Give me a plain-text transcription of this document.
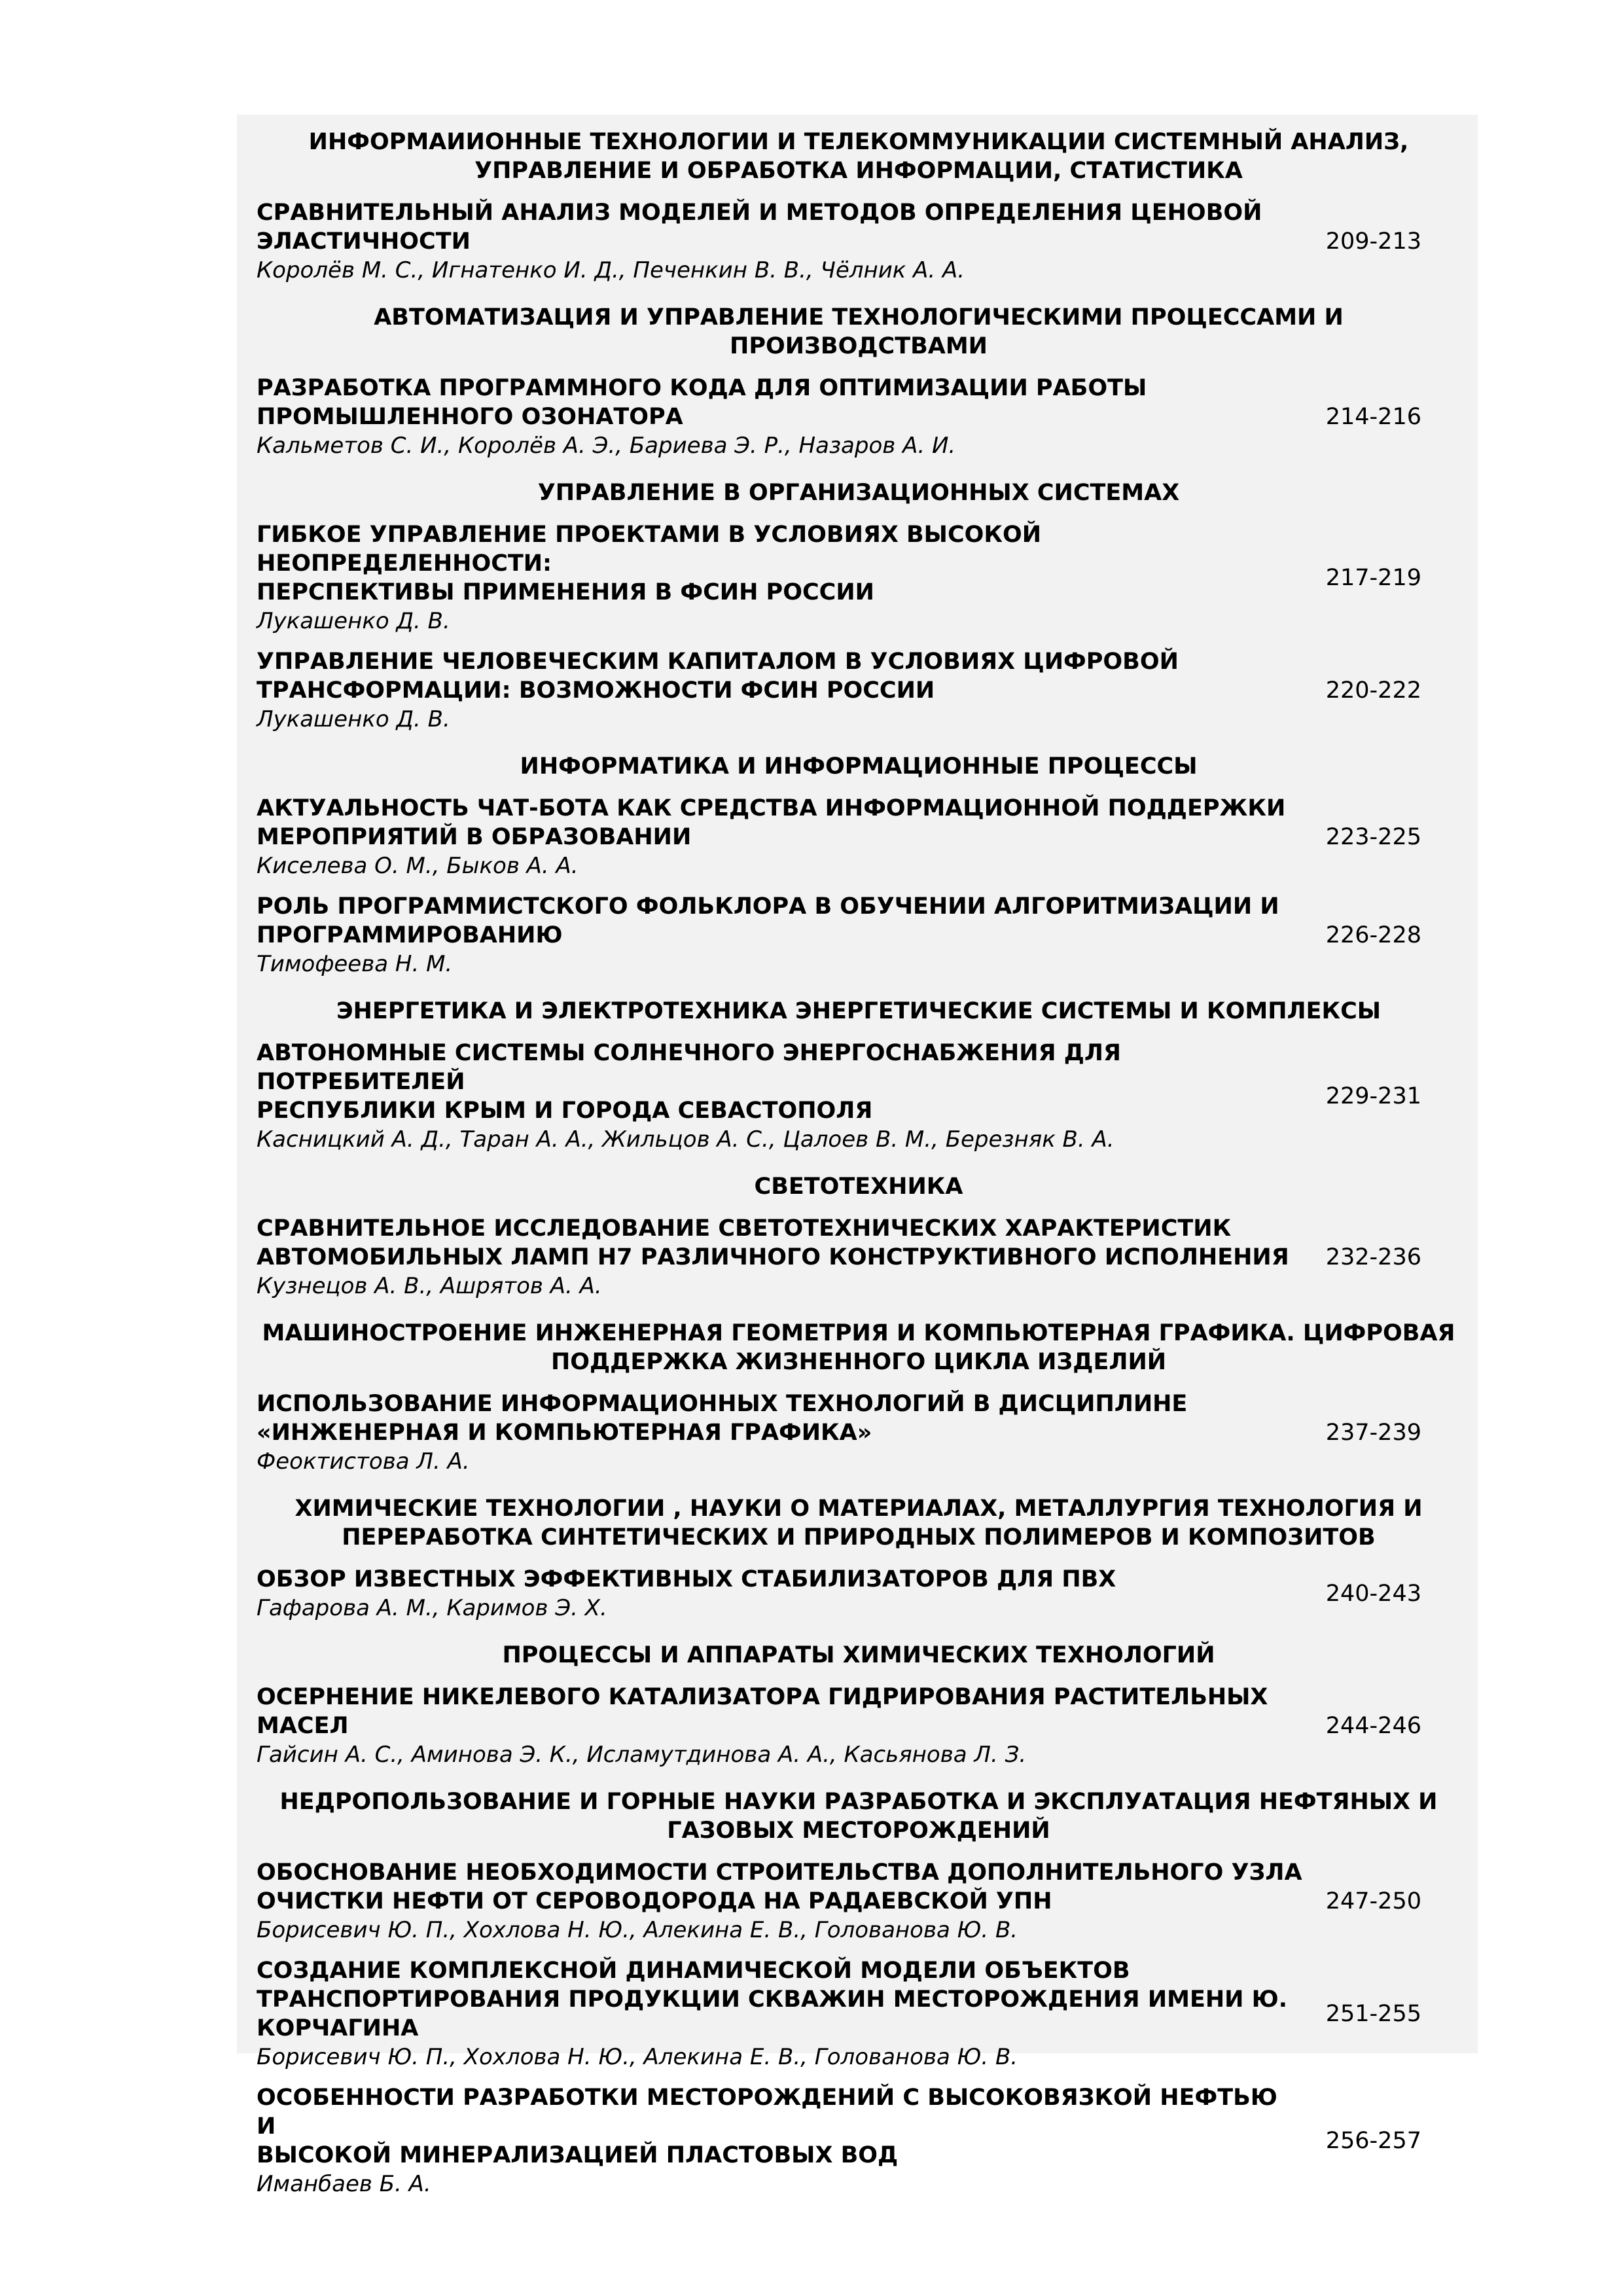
ИНФОРМАИИОННЫЕ ТЕХНОЛОГИИ И ТЕЛЕКОММУНИКАЦИИ СИСТЕМНЫЙ АНАЛИЗ,
УПРАВЛЕНИЕ И ОБРАБОТКА ИНФОРМАЦИИ, СТАТИСТИКА
СРАВНИТЕЛЬНЫЙ АНАЛИЗ МОДЕЛЕЙ И МЕТОДОВ ОПРЕДЕЛЕНИЯ ЦЕНОВОЙ
ЭЛАСТИЧНОСТИ
Королёв М. С., Игнатенко И. Д., Печенкин В. В., Чёлник А. А.
209-213
АВТОМАТИЗАЦИЯ И УПРАВЛЕНИЕ ТЕХНОЛОГИЧЕСКИМИ ПРОЦЕССАМИ И ПРОИЗВОДСТВАМИ
РАЗРАБОТКА ПРОГРАММНОГО КОДА ДЛЯ ОПТИМИЗАЦИИ РАБОТЫ
ПРОМЫШЛЕННОГО ОЗОНАТОРА
Кальметов С. И., Королёв А. Э., Бариева Э. Р., Назаров А. И.
214-216
УПРАВЛЕНИЕ В ОРГАНИЗАЦИОННЫХ СИСТЕМАХ
ГИБКОЕ УПРАВЛЕНИЕ ПРОЕКТАМИ В УСЛОВИЯХ ВЫСОКОЙ НЕОПРЕДЕЛЕННОСТИ:
ПЕРСПЕКТИВЫ ПРИМЕНЕНИЯ В ФСИН РОССИИ
Лукашенко Д. В.
217-219
УПРАВЛЕНИЕ ЧЕЛОВЕЧЕСКИМ КАПИТАЛОМ В УСЛОВИЯХ ЦИФРОВОЙ
ТРАНСФОРМАЦИИ: ВОЗМОЖНОСТИ ФСИН РОССИИ
Лукашенко Д. В.
220-222
ИНФОРМАТИКА И ИНФОРМАЦИОННЫЕ ПРОЦЕССЫ
АКТУАЛЬНОСТЬ ЧАТ-БОТА КАК СРЕДСТВА ИНФОРМАЦИОННОЙ ПОДДЕРЖКИ
МЕРОПРИЯТИЙ В ОБРАЗОВАНИИ
Киселева О. М., Быков А. А.
223-225
РОЛЬ ПРОГРАММИСТСКОГО ФОЛЬКЛОРА В ОБУЧЕНИИ АЛГОРИТМИЗАЦИИ И
ПРОГРАММИРОВАНИЮ
Тимофеева Н. М.
226-228
ЭНЕРГЕТИКА И ЭЛЕКТРОТЕХНИКА ЭНЕРГЕТИЧЕСКИЕ СИСТЕМЫ И КОМПЛЕКСЫ
АВТОНОМНЫЕ СИСТЕМЫ СОЛНЕЧНОГО ЭНЕРГОСНАБЖЕНИЯ ДЛЯ ПОТРЕБИТЕЛЕЙ
РЕСПУБЛИКИ КРЫМ И ГОРОДА СЕВАСТОПОЛЯ
Касницкий А. Д., Таран А. А., Жильцов А. С., Цалоев В. М., Березняк В. А.
229-231
СВЕТОТЕХНИКА
СРАВНИТЕЛЬНОЕ ИССЛЕДОВАНИЕ СВЕТОТЕХНИЧЕСКИХ ХАРАКТЕРИСТИК
АВТОМОБИЛЬНЫХ ЛАМП H7 РАЗЛИЧНОГО КОНСТРУКТИВНОГО ИСПОЛНЕНИЯ
Кузнецов А. В., Ашрятов А. А.
232-236
МАШИНОСТРОЕНИЕ ИНЖЕНЕРНАЯ ГЕОМЕТРИЯ И КОМПЬЮТЕРНАЯ ГРАФИКА. ЦИФРОВАЯ
ПОДДЕРЖКА ЖИЗНЕННОГО ЦИКЛА ИЗДЕЛИЙ
ИСПОЛЬЗОВАНИЕ ИНФОРМАЦИОННЫХ ТЕХНОЛОГИЙ В ДИСЦИПЛИНЕ
«ИНЖЕНЕРНАЯ И КОМПЬЮТЕРНАЯ ГРАФИКА»
Феоктистова Л. А.
237-239
ХИМИЧЕСКИЕ ТЕХНОЛОГИИ , НАУКИ О МАТЕРИАЛАХ, МЕТАЛЛУРГИЯ ТЕХНОЛОГИЯ И
ПЕРЕРАБОТКА СИНТЕТИЧЕСКИХ И ПРИРОДНЫХ ПОЛИМЕРОВ И КОМПОЗИТОВ
ОБЗОР ИЗВЕСТНЫХ ЭФФЕКТИВНЫХ СТАБИЛИЗАТОРОВ ДЛЯ ПВХ
Гафарова А. М., Каримов Э. Х.
240-243
ПРОЦЕССЫ И АППАРАТЫ ХИМИЧЕСКИХ ТЕХНОЛОГИЙ
ОСЕРНЕНИЕ НИКЕЛЕВОГО КАТАЛИЗАТОРА ГИДРИРОВАНИЯ РАСТИТЕЛЬНЫХ
МАСЕЛ
Гайсин А. С., Аминова Э. К., Исламутдинова А. А., Касьянова Л. З.
244-246
НЕДРОПОЛЬЗОВАНИЕ И ГОРНЫЕ НАУКИ РАЗРАБОТКА И ЭКСПЛУАТАЦИЯ НЕФТЯНЫХ И
ГАЗОВЫХ МЕСТОРОЖДЕНИЙ
ОБОСНОВАНИЕ НЕОБХОДИМОСТИ СТРОИТЕЛЬСТВА ДОПОЛНИТЕЛЬНОГО УЗЛА
ОЧИСТКИ НЕФТИ ОТ СЕРОВОДОРОДА НА РАДАЕВСКОЙ УПН
Борисевич Ю. П., Хохлова Н. Ю., Алекина Е. В., Голованова Ю. В.
247-250
СОЗДАНИЕ КОМПЛЕКСНОЙ ДИНАМИЧЕСКОЙ МОДЕЛИ ОБЪЕКТОВ
ТРАНСПОРТИРОВАНИЯ ПРОДУКЦИИ СКВАЖИН МЕСТОРОЖДЕНИЯ ИМЕНИ Ю.
КОРЧАГИНА
Борисевич Ю. П., Хохлова Н. Ю., Алекина Е. В., Голованова Ю. В.
251-255
ОСОБЕННОСТИ РАЗРАБОТКИ МЕСТОРОЖДЕНИЙ С ВЫСОКОВЯЗКОЙ НЕФТЬЮ И
ВЫСОКОЙ МИНЕРАЛИЗАЦИЕЙ ПЛАСТОВЫХ ВОД
Иманбаев Б. А.
256-257
